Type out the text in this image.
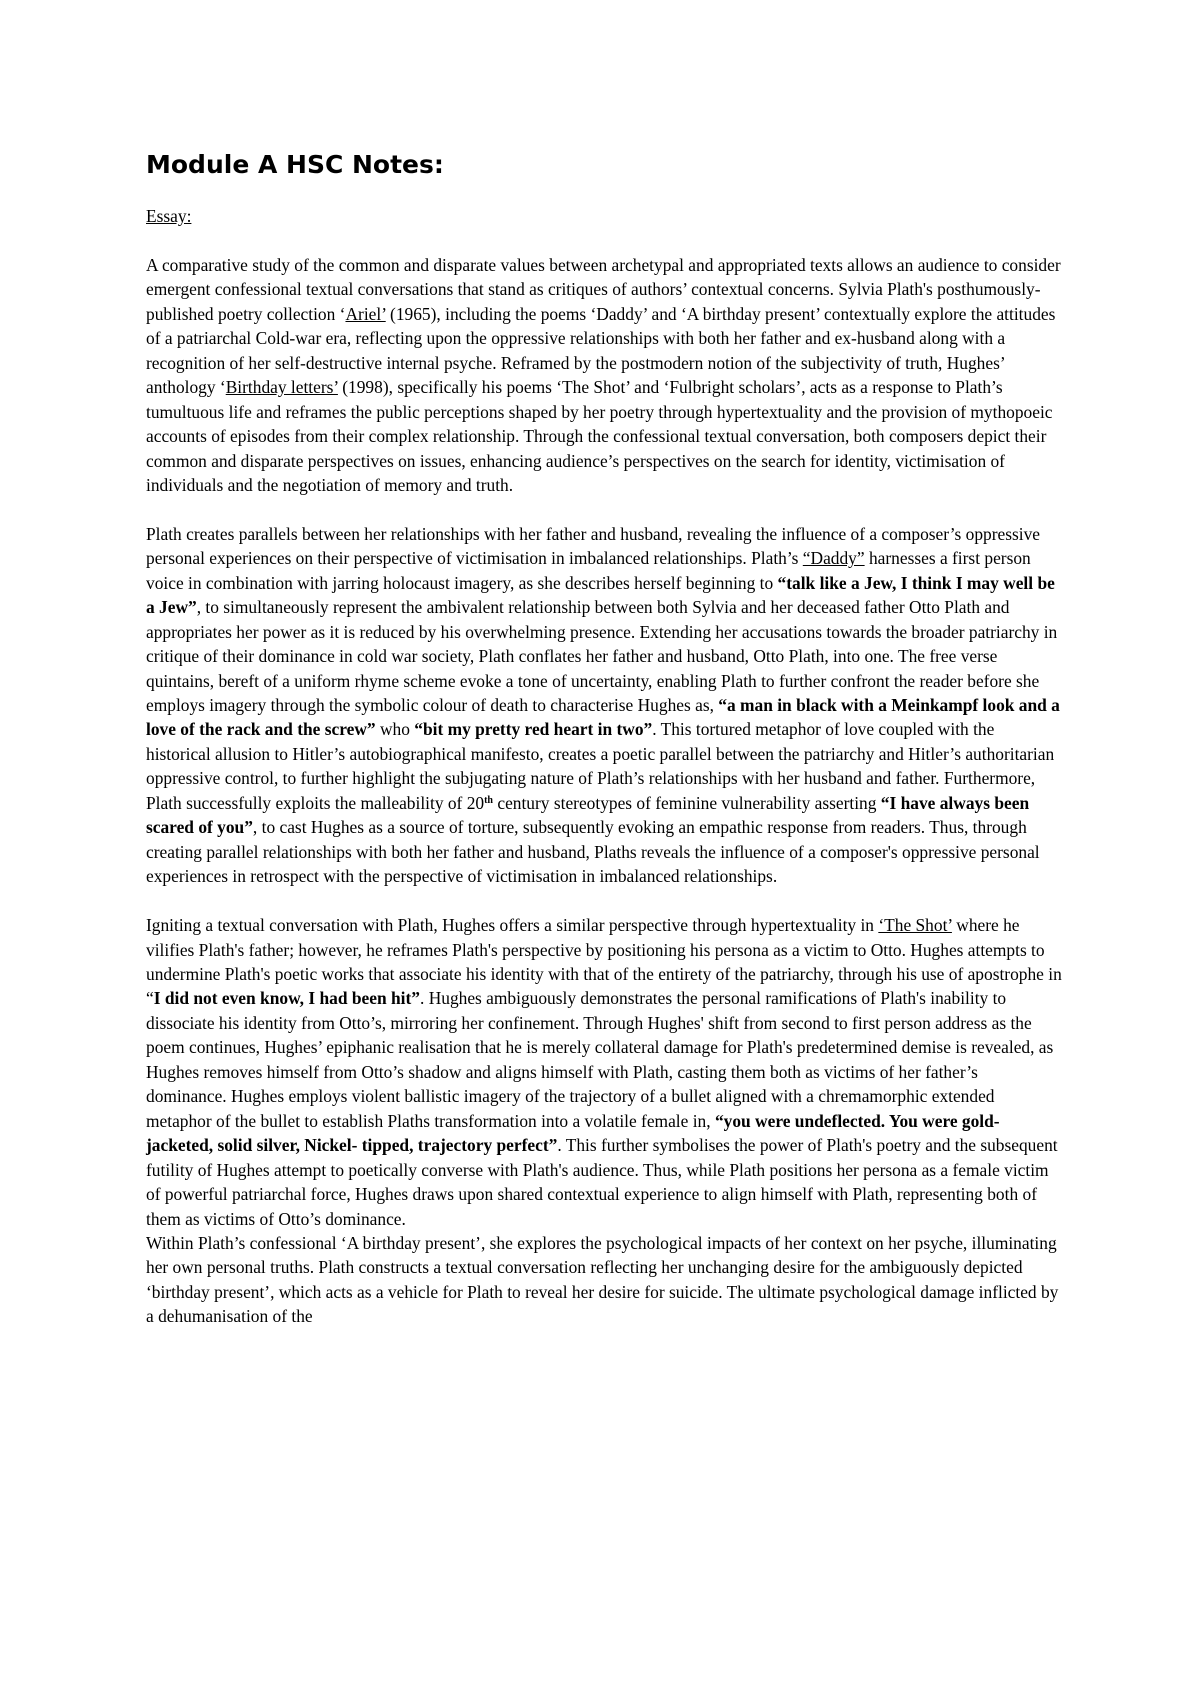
Module A HSC Notes:
Essay:

A comparative study of the common and disparate values between archetypal and appropriated texts allows an audience to consider emergent confessional textual conversations that stand as critiques of authors’ contextual concerns. Sylvia Plath's posthumously-published poetry collection ‘Ariel’ (1965), including the poems ‘Daddy’ and ‘A birthday present’ contextually explore the attitudes of a patriarchal Cold-war era, reflecting upon the oppressive relationships with both her father and ex-husband along with a recognition of her self-destructive internal psyche. Reframed by the postmodern notion of the subjectivity of truth, Hughes’ anthology ‘Birthday letters’ (1998), specifically his poems ‘The Shot’ and ‘Fulbright scholars’, acts as a response to Plath’s tumultuous life and reframes the public perceptions shaped by her poetry through hypertextuality and the provision of mythopoeic accounts of episodes from their complex relationship. Through the confessional textual conversation, both composers depict their common and disparate perspectives on issues, enhancing audience’s perspectives on the search for identity, victimisation of individuals and the negotiation of memory and truth.

Plath creates parallels between her relationships with her father and husband, revealing the influence of a composer’s oppressive personal experiences on their perspective of victimisation in imbalanced relationships. Plath’s “Daddy” harnesses a first person voice in combination with jarring holocaust imagery, as she describes herself beginning to “talk like a Jew, I think I may well be a Jew”, to simultaneously represent the ambivalent relationship between both Sylvia and her deceased father Otto Plath and appropriates her power as it is reduced by his overwhelming presence. Extending her accusations towards the broader patriarchy in critique of their dominance in cold war society, Plath conflates her father and husband, Otto Plath, into one. The free verse quintains, bereft of a uniform rhyme scheme evoke a tone of uncertainty, enabling Plath to further confront the reader before she employs imagery through the symbolic colour of death to characterise Hughes as, “a man in black with a Meinkampf look and a love of the rack and the screw” who “bit my pretty red heart in two”. This tortured metaphor of love coupled with the historical allusion to Hitler’s autobiographical manifesto, creates a poetic parallel between the patriarchy and Hitler’s authoritarian oppressive control, to further highlight the subjugating nature of Plath’s relationships with her husband and father. Furthermore, Plath successfully exploits the malleability of 20th century stereotypes of feminine vulnerability asserting “I have always been scared of you”, to cast Hughes as a source of torture, subsequently evoking an empathic response from readers. Thus, through creating parallel relationships with both her father and husband, Plaths reveals the influence of a composer's oppressive personal experiences in retrospect with the perspective of victimisation in imbalanced relationships.

Igniting a textual conversation with Plath, Hughes offers a similar perspective through hypertextuality in ‘The Shot’ where he vilifies Plath's father; however, he reframes Plath's perspective by positioning his persona as a victim to Otto. Hughes attempts to undermine Plath's poetic works that associate his identity with that of the entirety of the patriarchy, through his use of apostrophe in “I did not even know, I had been hit”. Hughes ambiguously demonstrates the personal ramifications of Plath's inability to dissociate his identity from Otto’s, mirroring her confinement. Through Hughes' shift from second to first person address as the poem continues, Hughes’ epiphanic realisation that he is merely collateral damage for Plath's predetermined demise is revealed, as Hughes removes himself from Otto’s shadow and aligns himself with Plath, casting them both as victims of her father’s dominance. Hughes employs violent ballistic imagery of the trajectory of a bullet aligned with a chremamorphic extended metaphor of the bullet to establish Plaths transformation into a volatile female in, “you were undeflected. You were gold-jacketed, solid silver, Nickel- tipped, trajectory perfect”. This further symbolises the power of Plath's poetry and the subsequent futility of Hughes attempt to poetically converse with Plath's audience. Thus, while Plath positions her persona as a female victim of powerful patriarchal force, Hughes draws upon shared contextual experience to align himself with Plath, representing both of them as victims of Otto’s dominance.

Within Plath’s confessional ‘A birthday present’, she explores the psychological impacts of her context on her psyche, illuminating her own personal truths. Plath constructs a textual conversation reflecting her unchanging desire for the ambiguously depicted ‘birthday present’, which acts as a vehicle for Plath to reveal her desire for suicide. The ultimate psychological damage inflicted by a dehumanisation of the
